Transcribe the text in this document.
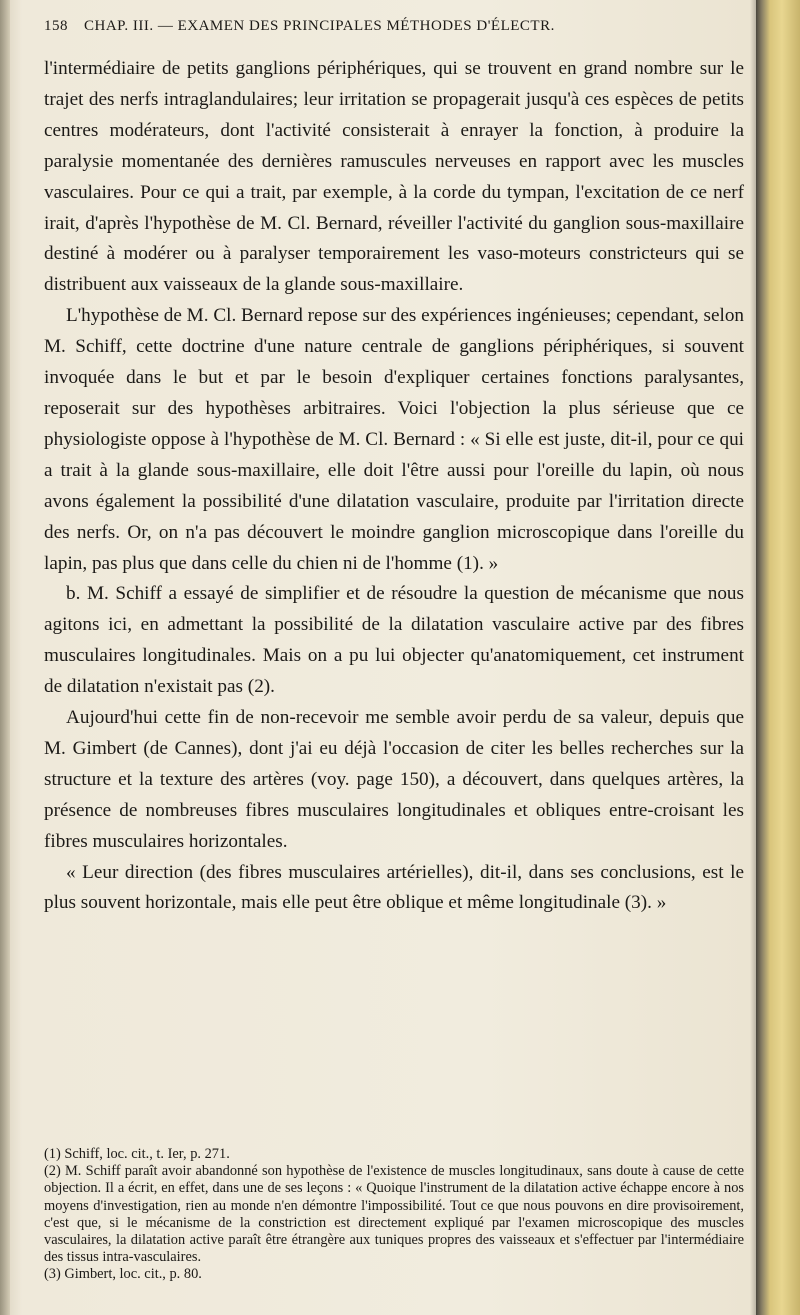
158 CHAP. III. — EXAMEN DES PRINCIPALES MÉTHODES D'ÉLECTR.

l'intermédiaire de petits ganglions périphériques, qui se trouvent en grand nombre sur le trajet des nerfs intraglandulaires; leur irritation se propagerait jusqu'à ces espèces de petits centres modérateurs, dont l'activité consisterait à enrayer la fonction, à produire la paralysie momentanée des dernières ramuscules nerveuses en rapport avec les muscles vasculaires. Pour ce qui a trait, par exemple, à la corde du tympan, l'excitation de ce nerf irait, d'après l'hypothèse de M. Cl. Bernard, réveiller l'activité du ganglion sous-maxillaire destiné à modérer ou à paralyser temporairement les vaso-moteurs constricteurs qui se distribuent aux vaisseaux de la glande sous-maxillaire.

L'hypothèse de M. Cl. Bernard repose sur des expériences ingénieuses; cependant, selon M. Schiff, cette doctrine d'une nature centrale de ganglions périphériques, si souvent invoquée dans le but et par le besoin d'expliquer certaines fonctions paralysantes, reposerait sur des hypothèses arbitraires. Voici l'objection la plus sérieuse que ce physiologiste oppose à l'hypothèse de M. Cl. Bernard : « Si elle est juste, dit-il, pour ce qui a trait à la glande sous-maxillaire, elle doit l'être aussi pour l'oreille du lapin, où nous avons également la possibilité d'une dilatation vasculaire, produite par l'irritation directe des nerfs. Or, on n'a pas découvert le moindre ganglion microscopique dans l'oreille du lapin, pas plus que dans celle du chien ni de l'homme (1). »

b. M. Schiff a essayé de simplifier et de résoudre la question de mécanisme que nous agitons ici, en admettant la possibilité de la dilatation vasculaire active par des fibres musculaires longitudinales. Mais on a pu lui objecter qu'anatomiquement, cet instrument de dilatation n'existait pas (2).

Aujourd'hui cette fin de non-recevoir me semble avoir perdu de sa valeur, depuis que M. Gimbert (de Cannes), dont j'ai eu déjà l'occasion de citer les belles recherches sur la structure et la texture des artères (voy. page 150), a découvert, dans quelques artères, la présence de nombreuses fibres musculaires longitudinales et obliques entre-croisant les fibres musculaires horizontales.

« Leur direction (des fibres musculaires artérielles), dit-il, dans ses conclusions, est le plus souvent horizontale, mais elle peut être oblique et même longitudinale (3). »

(1) Schiff, loc. cit., t. Ier, p. 271.

(2) M. Schiff paraît avoir abandonné son hypothèse de l'existence de muscles longitudinaux, sans doute à cause de cette objection. Il a écrit, en effet, dans une de ses leçons : « Quoique l'instrument de la dilatation active échappe encore à nos moyens d'investigation, rien au monde n'en démontre l'impossibilité. Tout ce que nous pouvons en dire provisoirement, c'est que, si le mécanisme de la constriction est directement expliqué par l'examen microscopique des muscles vasculaires, la dilatation active paraît être étrangère aux tuniques propres des vaisseaux et s'effectuer par l'intermédiaire des tissus intra-vasculaires.

(3) Gimbert, loc. cit., p. 80.
